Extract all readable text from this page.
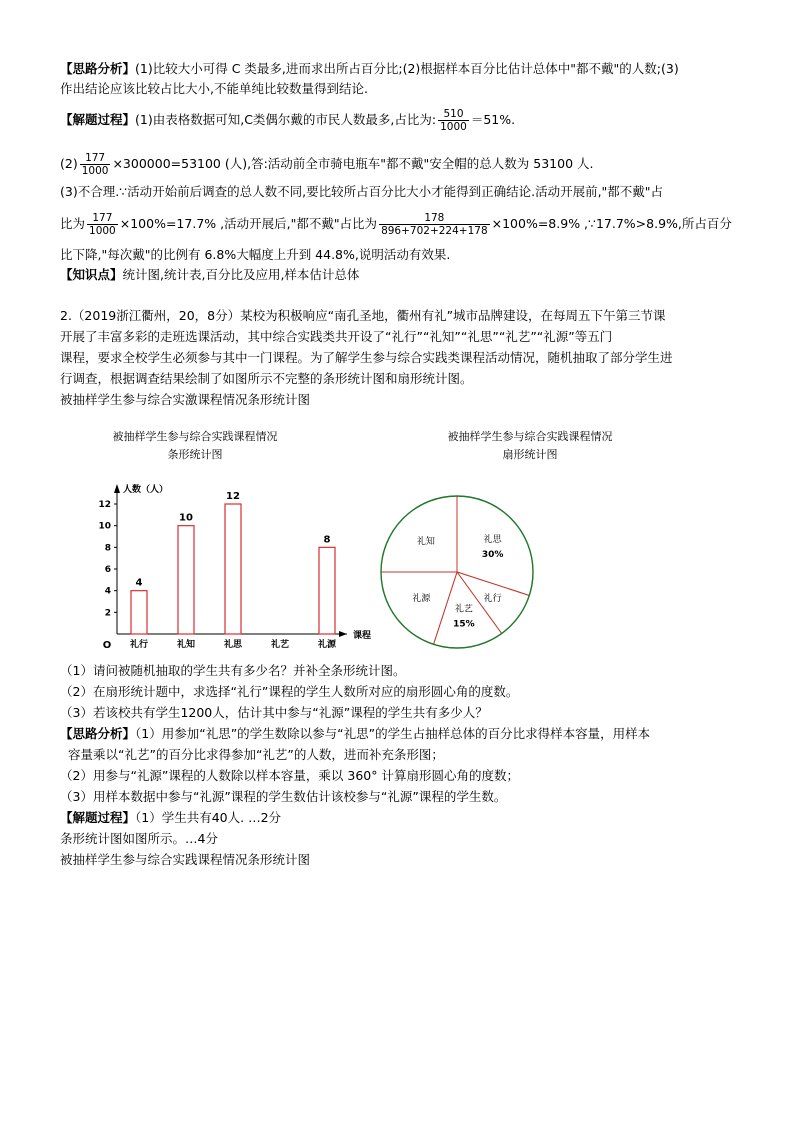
【思路分析】(1)比较大小可得 C 类最多,进而求出所占百分比;(2)根据样本百分比估计总体中"都不戴"的人数;(3)
作出结论应该比较占比大小,不能单纯比较数量得到结论.
【解题过程】(1)由表格数据可知,C类偶尔戴的市民人数最多,占比为: $\frac{510}{1000} =51\%$.
$(2) \frac{177}{1000} \times 300000=53100$ (人),答:活动前全市骑电瓶车"都不戴"安全帽的总人数为 53100 人.
(3)不合理.∵活动开始前后调查的总人数不同,要比较所占百分比大小才能得到正确结论.活动开展前,"都不戴"占
比为 $\frac{177}{1000} \times 100\%=17.7\%$ ,活动开展后,"都不戴"占比为 $\frac{178}{896+702+224+178} \times 100\%=8.9\%$ ,∵17.7%>8.9%,所占百分
比下降,"每次戴"的比例有 6.8%大幅度上升到 44.8%,说明活动有效果.
【知识点】统计图,统计表,百分比及应用,样本估计总体
2.（2019浙江衢州，20，8分）某校为积极响应“南孔圣地，衢州有礼”城市品牌建设，在每周五下午第三节课
开展了丰富多彩的走班选课活动，其中综合实践类共开设了“礼行”“礼知”“礼思”“礼艺”“礼源”等五门
课程，要求全校学生必须参与其中一门课程。为了解学生参与综合实践类课程活动情况，随机抽取了部分学生进
行调查，根据调查结果绘制了如图所示不完整的条形统计图和扇形统计图。
被抽样学生参与综合实激课程情况条形统计图
被抽样学生参与综合实践课程情况
条形统计图
被抽样学生参与综合实践课程情况
扇形统计图
人数（人）
课程
O
2
4
6
8
10
12
礼行
4
礼知
10
礼思
12
礼艺	礼源
8	礼思
30%
礼行
礼艺
15%
礼源
礼知
（1）请问被随机抽取的学生共有多少名？并补全条形统计图。
（2）在扇形统计题中，求选择“礼行”课程的学生人数所对应的扇形圆心角的度数。
（3）若该校共有学生1200人，估计其中参与“礼源”课程的学生共有多少人？
【思路分析】（1）用参加“礼思”的学生数除以参与“礼思”的学生占抽样总体的百分比求得样本容量，用样本
容量乘以“礼艺”的百分比求得参加“礼艺”的人数，进而补充条形图；
（2）用参与“礼源”课程的人数除以样本容量，乘以 360° 计算扇形圆心角的度数；
（3）用样本数据中参与“礼源”课程的学生数估计该校参与“礼源”课程的学生数。
【解题过程】（1）学生共有40人. …2分
条形统计图如图所示。…4分
被抽样学生参与综合实践课程情况条形统计图
